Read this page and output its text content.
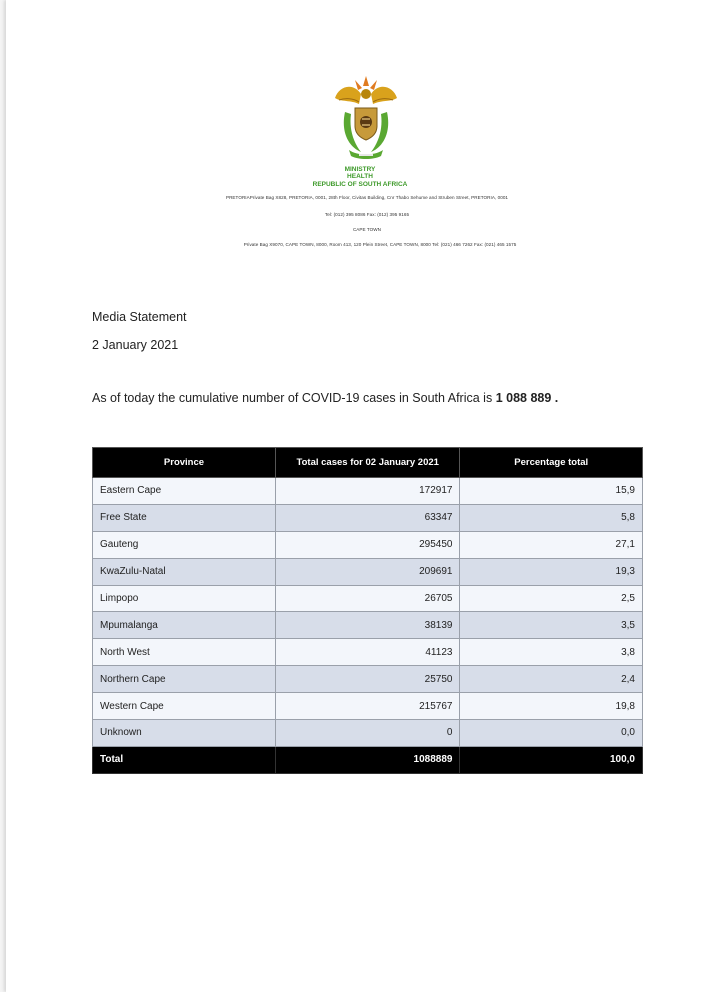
MINISTRY
HEALTH
REPUBLIC OF SOUTH AFRICA
PRETORIAPrivate Bag X828, PRETORIA, 0001, 28th Floor, Civitas Building, Cnr Thabo Sehume and Struben Street, PRETORIA, 0001
Tel: (012) 395 8086 Fax: (012) 395 9165
CAPE TOWN
Private Bag X9070, CAPE TOWN, 8000, Room 413, 120 Plein Street, CAPE TOWN, 8000 Tel: (021) 466 7262 Fax: (021) 465 1575
Media Statement
2 January 2021
As of today the cumulative number of COVID-19 cases in South Africa is 1 088 889 .
Province	Total cases for 02 January 2021	Percentage total
Eastern Cape	172917	15,9
Free State	63347	5,8
Gauteng	295450	27,1
KwaZulu-Natal	209691	19,3
Limpopo	26705	2,5
Mpumalanga	38139	3,5
North West	41123	3,8
Northern Cape	25750	2,4
Western Cape	215767	19,8
Unknown	0	0,0
Total	1088889	100,0
